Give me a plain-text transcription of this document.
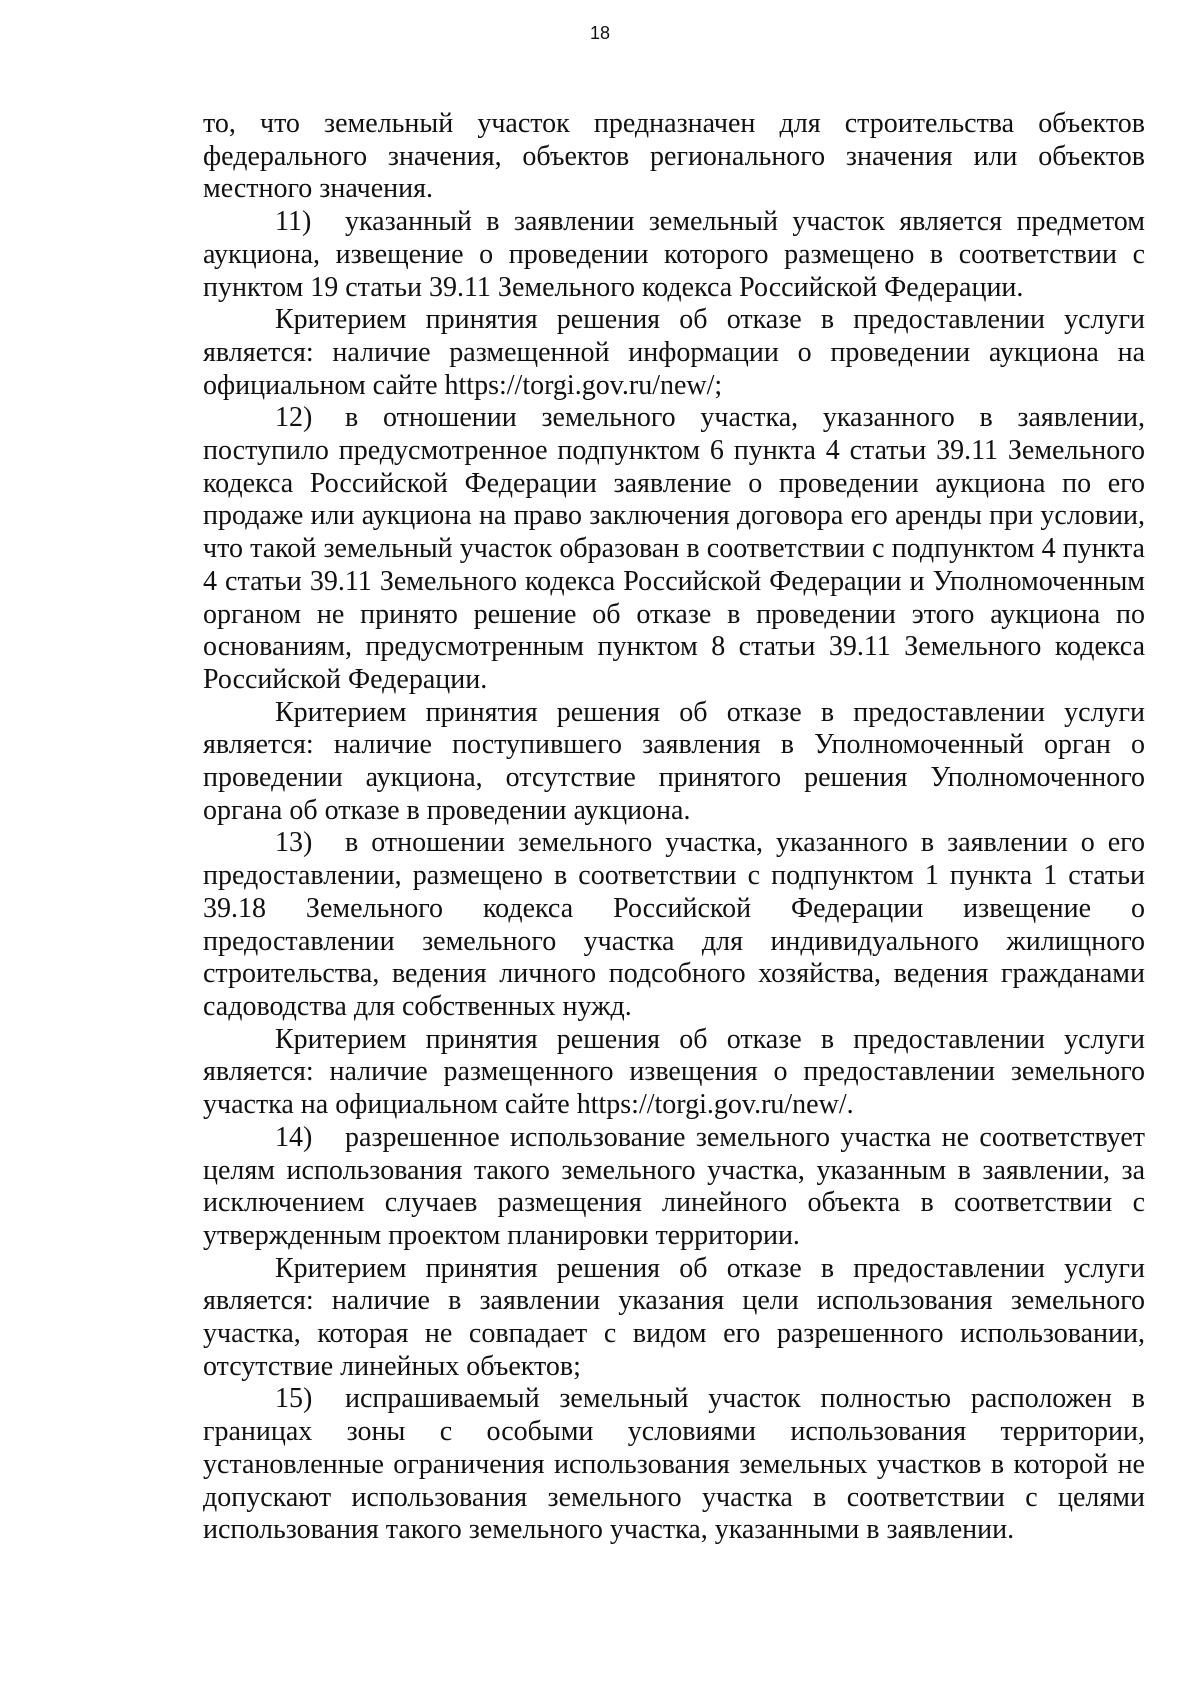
18

то, что земельный участок предназначен для строительства объектов федерального значения, объектов регионального значения или объектов местного значения.

11) указанный в заявлении земельный участок является предметом аукциона, извещение о проведении которого размещено в соответствии с пунктом 19 статьи 39.11 Земельного кодекса Российской Федерации.

Критерием принятия решения об отказе в предоставлении услуги является: наличие размещенной информации о проведении аукциона на официальном сайте https://torgi.gov.ru/new/;

12) в отношении земельного участка, указанного в заявлении, поступило предусмотренное подпунктом 6 пункта 4 статьи 39.11 Земельного кодекса Российской Федерации заявление о проведении аукциона по его продаже или аукциона на право заключения договора его аренды при условии, что такой земельный участок образован в соответствии с подпунктом 4 пункта 4 статьи 39.11 Земельного кодекса Российской Федерации и Уполномоченным органом не принято решение об отказе в проведении этого аукциона по основаниям, предусмотренным пунктом 8 статьи 39.11 Земельного кодекса Российской Федерации.

Критерием принятия решения об отказе в предоставлении услуги является: наличие поступившего заявления в Уполномоченный орган о проведении аукциона, отсутствие принятого решения Уполномоченного органа об отказе в проведении аукциона.

13) в отношении земельного участка, указанного в заявлении о его предоставлении, размещено в соответствии с подпунктом 1 пункта 1 статьи 39.18 Земельного кодекса Российской Федерации извещение о предоставлении земельного участка для индивидуального жилищного строительства, ведения личного подсобного хозяйства, ведения гражданами садоводства для собственных нужд.

Критерием принятия решения об отказе в предоставлении услуги является: наличие размещенного извещения о предоставлении земельного участка на официальном сайте https://torgi.gov.ru/new/.

14) разрешенное использование земельного участка не соответствует целям использования такого земельного участка, указанным в заявлении, за исключением случаев размещения линейного объекта в соответствии с утвержденным проектом планировки территории.

Критерием принятия решения об отказе в предоставлении услуги является: наличие в заявлении указания цели использования земельного участка, которая не совпадает с видом его разрешенного использовании, отсутствие линейных объектов;

15) испрашиваемый земельный участок полностью расположен в границах зоны с особыми условиями использования территории, установленные ограничения использования земельных участков в которой не допускают использования земельного участка в соответствии с целями использования такого земельного участка, указанными в заявлении.
